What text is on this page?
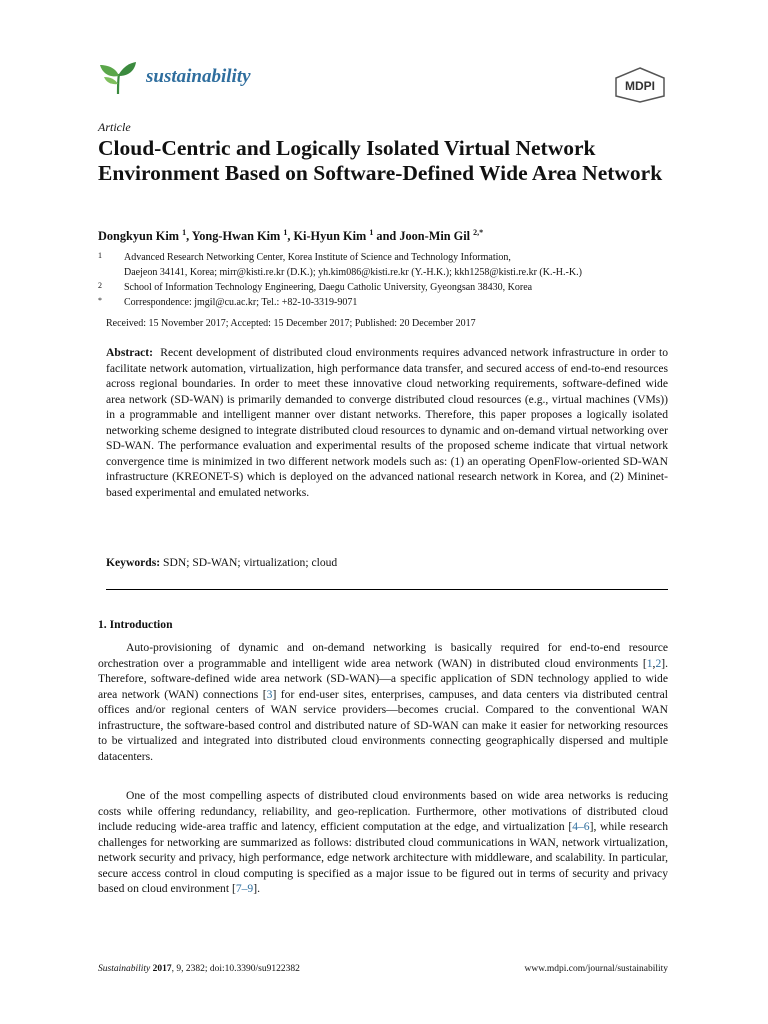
sustainability	MDPI
Article
Cloud-Centric and Logically Isolated Virtual Network Environment Based on Software-Defined Wide Area Network
Dongkyun Kim $^1$, Yong-Hwan Kim $^1$, Ki-Hyun Kim $^1$ and Joon-Min Gil $^{2,*}$
1 Advanced Research Networking Center, Korea Institute of Science and Technology Information,
Daejeon 34141, Korea; mirr@kisti.re.kr (D.K.); yh.kim086@kisti.re.kr (Y.-H.K.); kkh1258@kisti.re.kr (K.-H.-K.)
2 School of Information Technology Engineering, Daegu Catholic University, Gyeongsan 38430, Korea
* Correspondence: jmgil@cu.ac.kr; Tel.: +82-10-3319-9071
Received: 15 November 2017; Accepted: 15 December 2017; Published: 20 December 2017
Abstract: Recent development of distributed cloud environments requires advanced network infrastructure in order to facilitate network automation, virtualization, high performance data transfer, and secured access of end-to-end resources across regional boundaries. In order to meet these innovative cloud networking requirements, software-defined wide area network (SD-WAN) is primarily demanded to converge distributed cloud resources (e.g., virtual machines (VMs)) in a programmable and intelligent manner over distant networks. Therefore, this paper proposes a logically isolated networking scheme designed to integrate distributed cloud resources to dynamic and on-demand virtual networking over SD-WAN. The performance evaluation and experimental results of the proposed scheme indicate that virtual network convergence time is minimized in two different network models such as: (1) an operating OpenFlow-oriented SD-WAN infrastructure (KREONET-S) which is deployed on the advanced national research network in Korea, and (2) Mininet-based experimental and emulated networks.
Keywords: SDN; SD-WAN; virtualization; cloud
1. Introduction
Auto-provisioning of dynamic and on-demand networking is basically required for end-to-end resource orchestration over a programmable and intelligent wide area network (WAN) in distributed cloud environments [1,2]. Therefore, software-defined wide area network (SD-WAN)—a specific application of SDN technology applied to wide area network (WAN) connections [3] for end-user sites, enterprises, campuses, and data centers via distributed central offices and/or regional centers of WAN service providers—becomes crucial. Compared to the conventional WAN infrastructure, the software-based control and distributed nature of SD-WAN can make it easier for networking resources to be virtualized and integrated into distributed cloud environments connecting geographically dispersed and multiple datacenters.
One of the most compelling aspects of distributed cloud environments based on wide area networks is reducing costs while offering redundancy, reliability, and geo-replication. Furthermore, other motivations of distributed cloud include reducing wide-area traffic and latency, efficient computation at the edge, and virtualization [4–6], while research challenges for networking are summarized as follows: distributed cloud communications in WAN, network virtualization, network security and privacy, high performance, edge network architecture with middleware, and scalability. In particular, secure access control in cloud computing is specified as a major issue to be figured out in terms of security and privacy based on cloud environment [7–9].
Sustainability 2017, 9, 2382; doi:10.3390/su9122382	www.mdpi.com/journal/sustainability
